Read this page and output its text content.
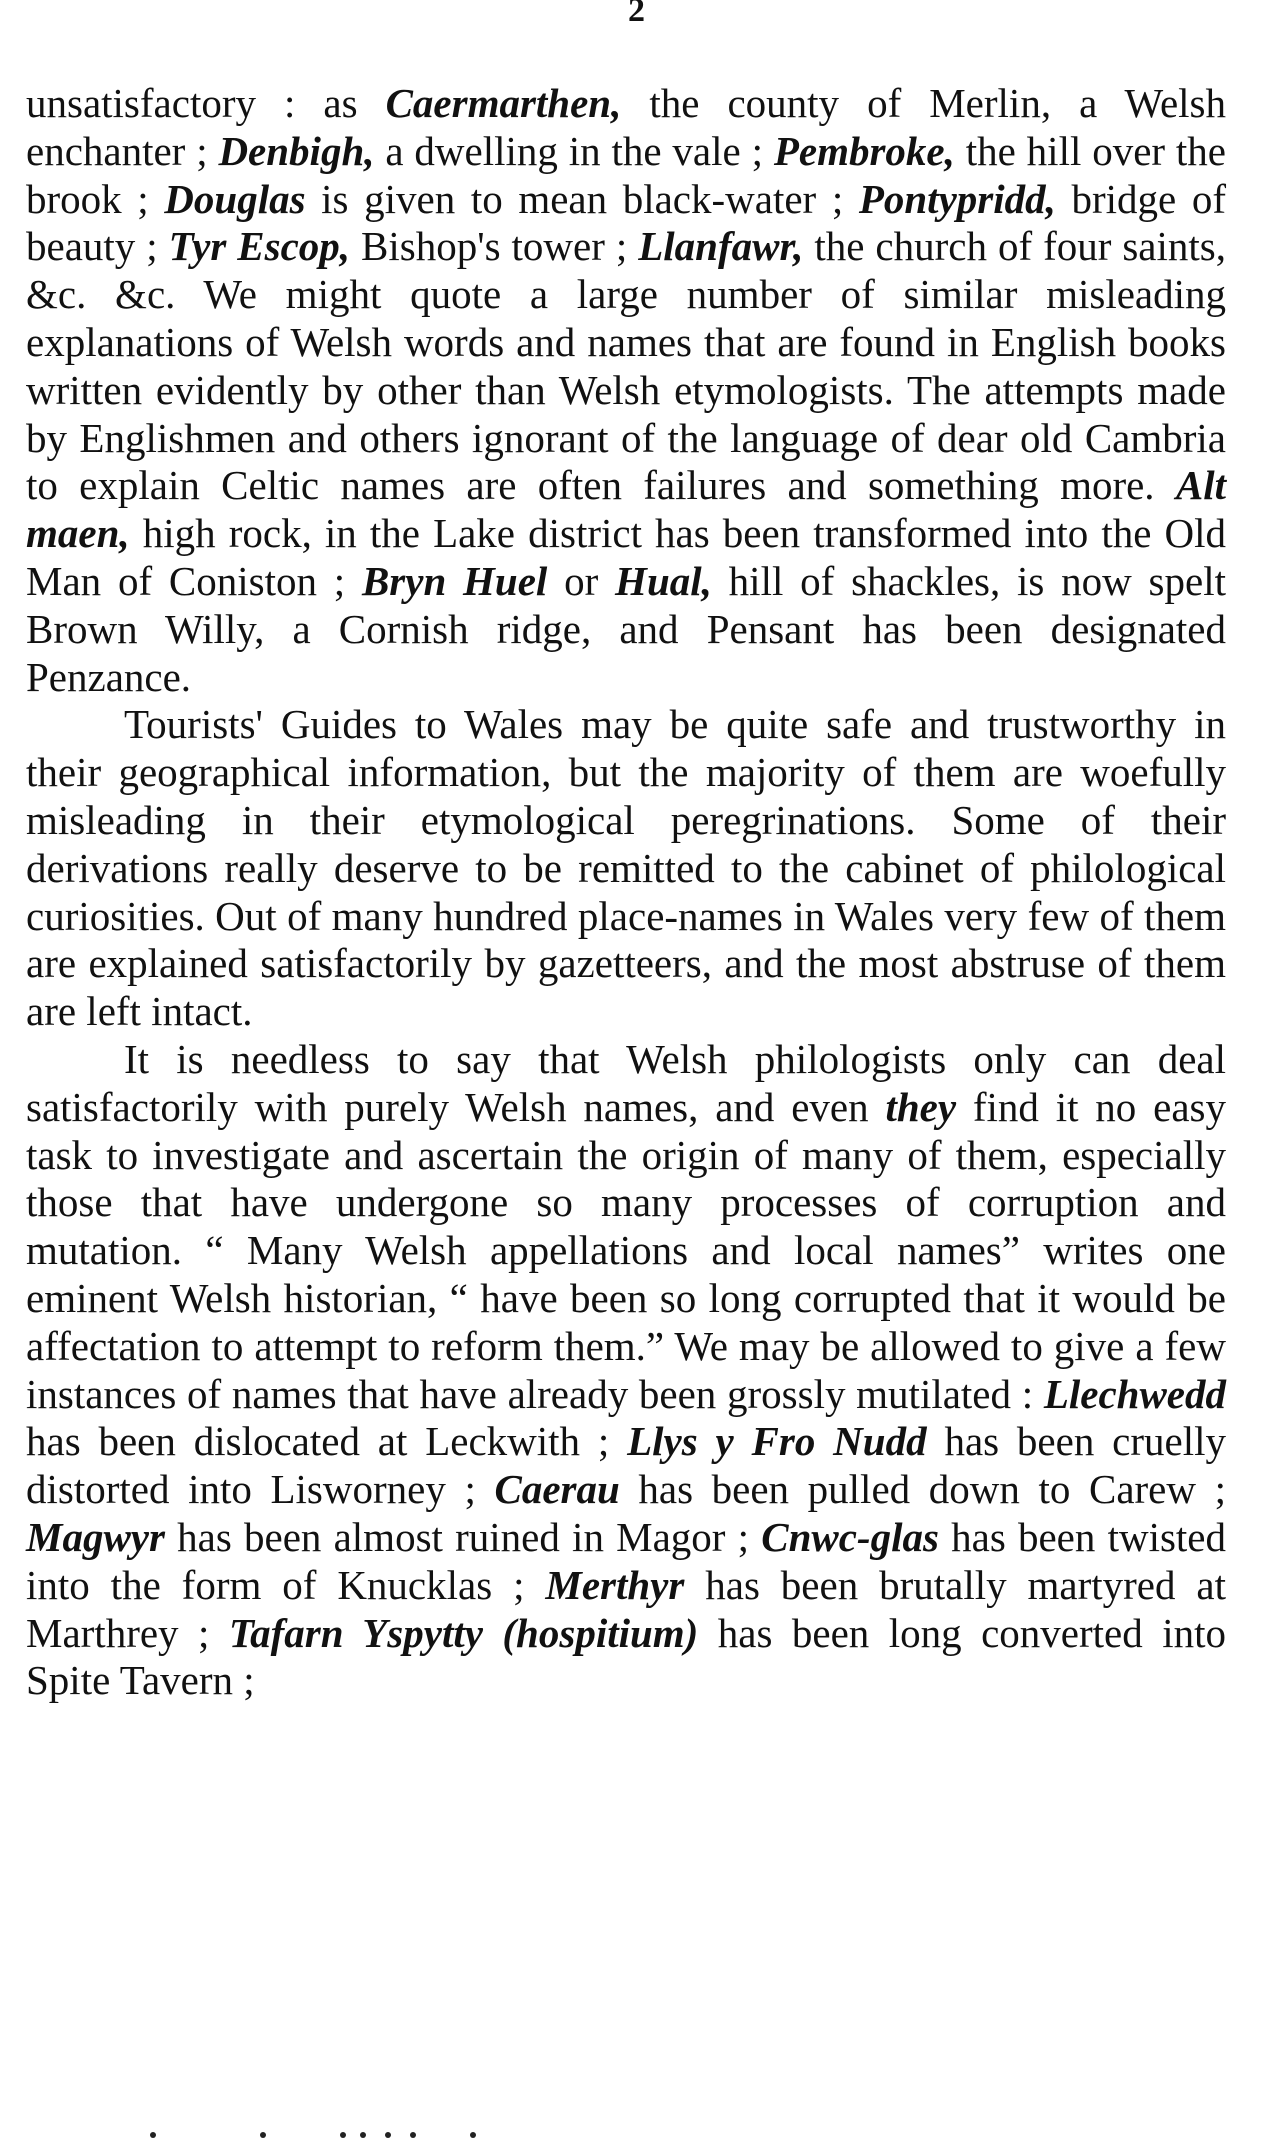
2

unsatisfactory : as Caermarthen, the county of Merlin, a Welsh enchanter ; Denbigh, a dwelling in the vale ; Pembroke, the hill over the brook ; Douglas is given to mean black-water ; Pontypridd, bridge of beauty ; Tyr Escop, Bishop's tower ; Llanfawr, the church of four saints, &c. &c. We might quote a large number of similar misleading explanations of Welsh words and names that are found in English books written evidently by other than Welsh etymologists. The attempts made by Englishmen and others ignorant of the language of dear old Cambria to explain Celtic names are often failures and something more. Alt maen, high rock, in the Lake district has been transformed into the Old Man of Coniston ; Bryn Huel or Hual, hill of shackles, is now spelt Brown Willy, a Cornish ridge, and Pensant has been designated Penzance.

Tourists' Guides to Wales may be quite safe and trustworthy in their geographical information, but the majority of them are woefully misleading in their etymological peregrinations. Some of their derivations really deserve to be remitted to the cabinet of philological curiosities. Out of many hundred place-names in Wales very few of them are explained satisfactorily by gazetteers, and the most abstruse of them are left intact.

It is needless to say that Welsh philologists only can deal satisfactorily with purely Welsh names, and even they find it no easy task to investigate and ascertain the origin of many of them, especially those that have undergone so many processes of corruption and mutation. “ Many Welsh appellations and local names” writes one eminent Welsh historian, “ have been so long corrupted that it would be affectation to attempt to reform them.” We may be allowed to give a few instances of names that have already been grossly mutilated : Llechwedd has been dislocated at Leckwith ; Llys y Fro Nudd has been cruelly distorted into Lisworney ; Caerau has been pulled down to Carew ; Magwyr has been almost ruined in Magor ; Cnwc-glas has been twisted into the form of Knucklas ; Merthyr has been brutally martyred at Marthrey ; Tafarn Yspytty (hospitium) has been long converted into Spite Tavern ;
